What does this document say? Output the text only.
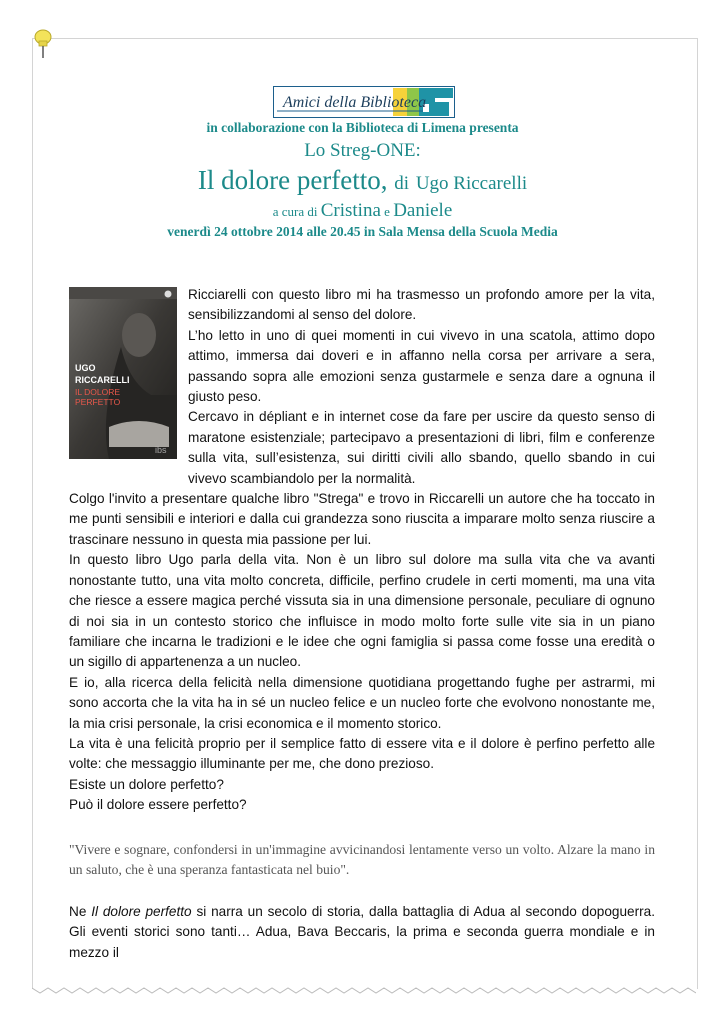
Amici della Biblioteca
in collaborazione con la Biblioteca di Limena presenta
Lo Streg-ONE:
Il dolore perfetto, di Ugo Riccarelli
a cura di Cristina e Daniele
venerdì 24 ottobre 2014 alle 20.45 in Sala Mensa della Scuola Media
UGO
RICCARELLI
IL DOLORE
PERFETTO
ibs

Ricciarelli con questo libro mi ha trasmesso un profondo amore per la vita, sensibilizzandomi al senso del dolore.

L’ho letto in uno di quei momenti in cui vivevo in una scatola, attimo dopo attimo, immersa dai doveri e in affanno nella corsa per arrivare a sera, passando sopra alle emozioni senza gustarmele e senza dare a ognuna il giusto peso.

Cercavo in dépliant e in internet cose da fare per uscire da questo senso di maratone esistenziale; partecipavo a presentazioni di libri, film e conferenze sulla vita, sull’esistenza, sui diritti civili allo sbando, quello sbando in cui vivevo scambiandolo per la normalità.

Colgo l'invito a presentare qualche libro "Strega" e trovo in Riccarelli un autore che ha toccato in me punti sensibili e interiori e dalla cui grandezza sono riuscita a imparare molto senza riuscire a trascinare nessuno in questa mia passione per lui.

In questo libro Ugo parla della vita. Non è un libro sul dolore ma sulla vita che va avanti nonostante tutto, una vita molto concreta, difficile, perfino crudele in certi momenti, ma una vita che riesce a essere magica perché vissuta sia in una dimensione personale, peculiare di ognuno di noi sia in un contesto storico che influisce in modo molto forte sulle vite sia in un piano familiare che incarna le tradizioni e le idee che ogni famiglia si passa come fosse una eredità o un sigillo di appartenenza a un nucleo.

E io, alla ricerca della felicità nella dimensione quotidiana progettando fughe per astrarmi, mi sono accorta che la vita ha in sé un nucleo felice e un nucleo forte che evolvono nonostante me, la mia crisi personale, la crisi economica e il momento storico.

La vita è una felicità proprio per il semplice fatto di essere vita e il dolore è perfino perfetto alle volte: che messaggio illuminante per me, che dono prezioso.

Esiste un dolore perfetto?

Può il dolore essere perfetto?

"Vivere e sognare, confondersi in un'immagine avvicinandosi lentamente verso un volto. Alzare la mano in un saluto, che è una speranza fantasticata nel buio".

Ne Il dolore perfetto si narra un secolo di storia, dalla battaglia di Adua al secondo dopoguerra. Gli eventi storici sono tanti… Adua, Bava Beccaris, la prima e seconda guerra mondiale e in mezzo il
